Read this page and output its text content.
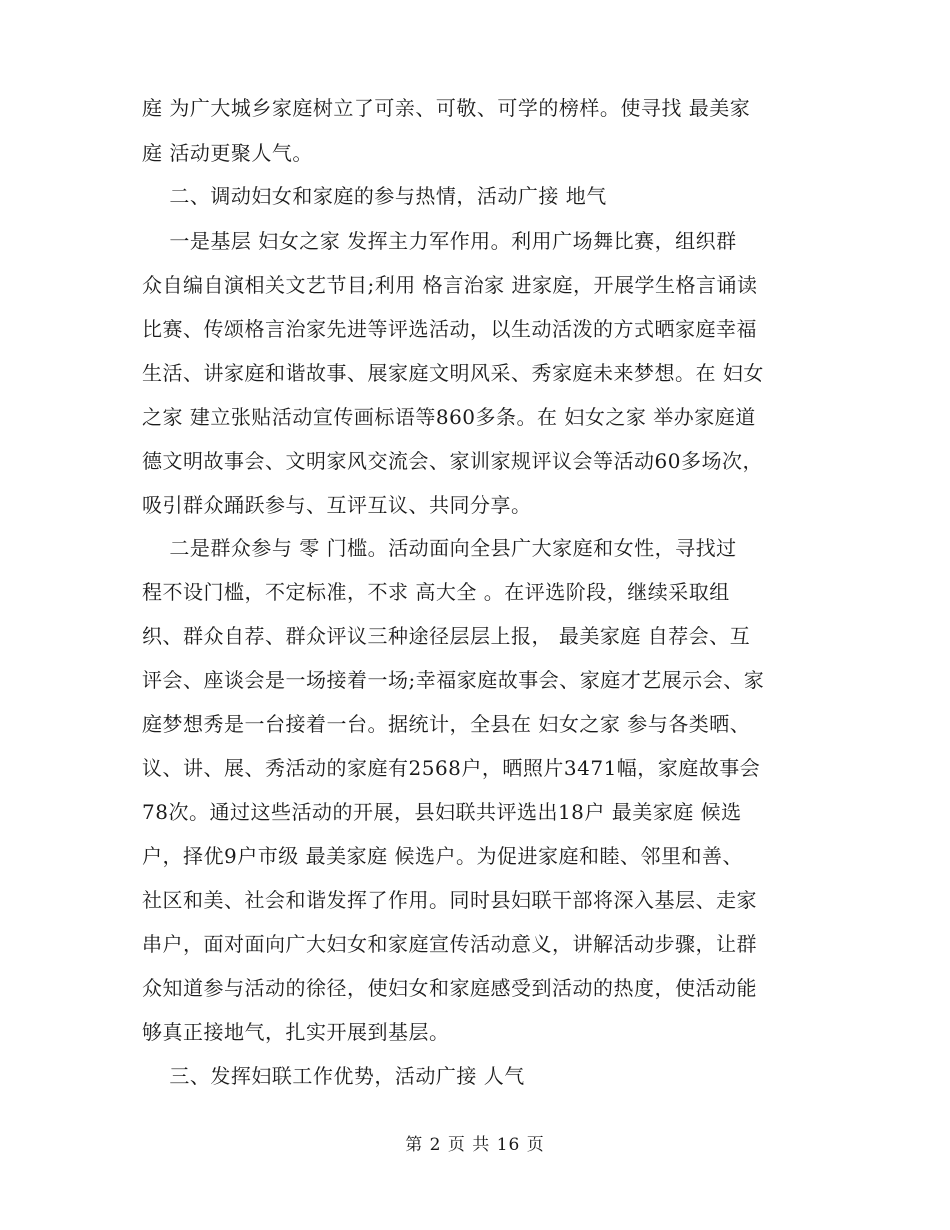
庭 为广大城乡家庭树立了可亲、可敬、可学的榜样。使寻找 最美家
庭 活动更聚人气。
二、调动妇女和家庭的参与热情，活动广接 地气
一是基层 妇女之家 发挥主力军作用。利用广场舞比赛，组织群
众自编自演相关文艺节目;利用 格言治家 进家庭，开展学生格言诵读
比赛、传颂格言治家先进等评选活动，以生动活泼的方式晒家庭幸福
生活、讲家庭和谐故事、展家庭文明风采、秀家庭未来梦想。在 妇女
之家 建立张贴活动宣传画标语等860多条。在 妇女之家 举办家庭道
德文明故事会、文明家风交流会、家训家规评议会等活动60多场次，
吸引群众踊跃参与、互评互议、共同分享。
二是群众参与 零 门槛。活动面向全县广大家庭和女性，寻找过
程不设门槛，不定标准，不求 高大全 。在评选阶段，继续采取组
织、群众自荐、群众评议三种途径层层上报， 最美家庭 自荐会、互
评会、座谈会是一场接着一场;幸福家庭故事会、家庭才艺展示会、家
庭梦想秀是一台接着一台。据统计，全县在 妇女之家 参与各类晒、
议、讲、展、秀活动的家庭有2568户，晒照片3471幅，家庭故事会
78次。通过这些活动的开展，县妇联共评选出18户 最美家庭 候选
户，择优9户市级 最美家庭 候选户。为促进家庭和睦、邻里和善、
社区和美、社会和谐发挥了作用。同时县妇联干部将深入基层、走家
串户，面对面向广大妇女和家庭宣传活动意义，讲解活动步骤，让群
众知道参与活动的徐径，使妇女和家庭感受到活动的热度，使活动能
够真正接地气，扎实开展到基层。
三、发挥妇联工作优势，活动广接 人气
第 2 页 共 16 页
